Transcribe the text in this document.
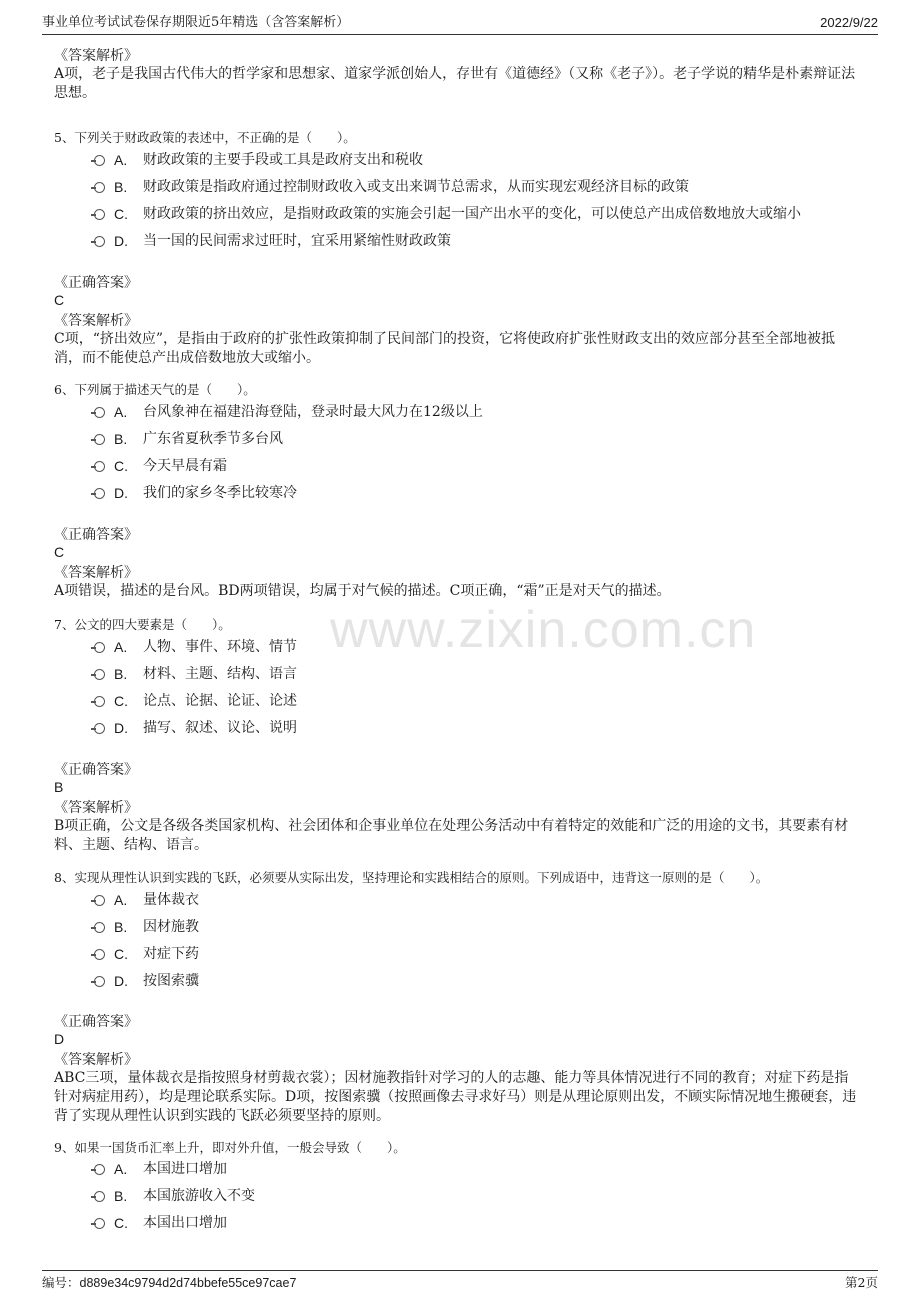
事业单位考试试卷保存期限近5年精选（含答案解析）	2022/9/22
www.zixin.com.cn
《答案解析》
A项，老子是我国古代伟大的哲学家和思想家、道家学派创始人，存世有《道德经》（又称《老子》）。老子学说的精华是朴素辩证法思想。
5、下列关于财政政策的表述中，不正确的是（　　）。
A. 财政政策的主要手段或工具是政府支出和税收
B. 财政政策是指政府通过控制财政收入或支出来调节总需求，从而实现宏观经济目标的政策
C. 财政政策的挤出效应，是指财政政策的实施会引起一国产出水平的变化，可以使总产出成倍数地放大或缩小
D. 当一国的民间需求过旺时，宜采用紧缩性财政政策
《正确答案》
C
《答案解析》
C项，“挤出效应”，是指由于政府的扩张性政策抑制了民间部门的投资，它将使政府扩张性财政支出的效应部分甚至全部地被抵消，而不能使总产出成倍数地放大或缩小。
6、下列属于描述天气的是（　　）。
A. 台风象神在福建沿海登陆，登录时最大风力在12级以上
B. 广东省夏秋季节多台风
C. 今天早晨有霜
D. 我们的家乡冬季比较寒冷
《正确答案》
C
《答案解析》
A项错误，描述的是台风。BD两项错误，均属于对气候的描述。C项正确，“霜”正是对天气的描述。
7、公文的四大要素是（　　）。
A. 人物、事件、环境、情节
B. 材料、主题、结构、语言
C. 论点、论据、论证、论述
D. 描写、叙述、议论、说明
《正确答案》
B
《答案解析》
B项正确，公文是各级各类国家机构、社会团体和企事业单位在处理公务活动中有着特定的效能和广泛的用途的文书，其要素有材料、主题、结构、语言。
8、实现从理性认识到实践的飞跃，必须要从实际出发，坚持理论和实践相结合的原则。下列成语中，违背这一原则的是（　　）。
A. 量体裁衣
B. 因材施教
C. 对症下药
D. 按图索骥
《正确答案》
D
《答案解析》
ABC三项，量体裁衣是指按照身材剪裁衣裳）；因材施教指针对学习的人的志趣、能力等具体情况进行不同的教育；对症下药是指针对病症用药），均是理论联系实际。D项，按图索骥（按照画像去寻求好马）则是从理论原则出发，不顾实际情况地生搬硬套，违背了实现从理性认识到实践的飞跃必须要坚持的原则。
9、如果一国货币汇率上升，即对外升值，一般会导致（　　）。
A. 本国进口增加
B. 本国旅游收入不变
C. 本国出口增加
编号：d889e34c9794d2d74bbefe55ce97cae7	第2页
